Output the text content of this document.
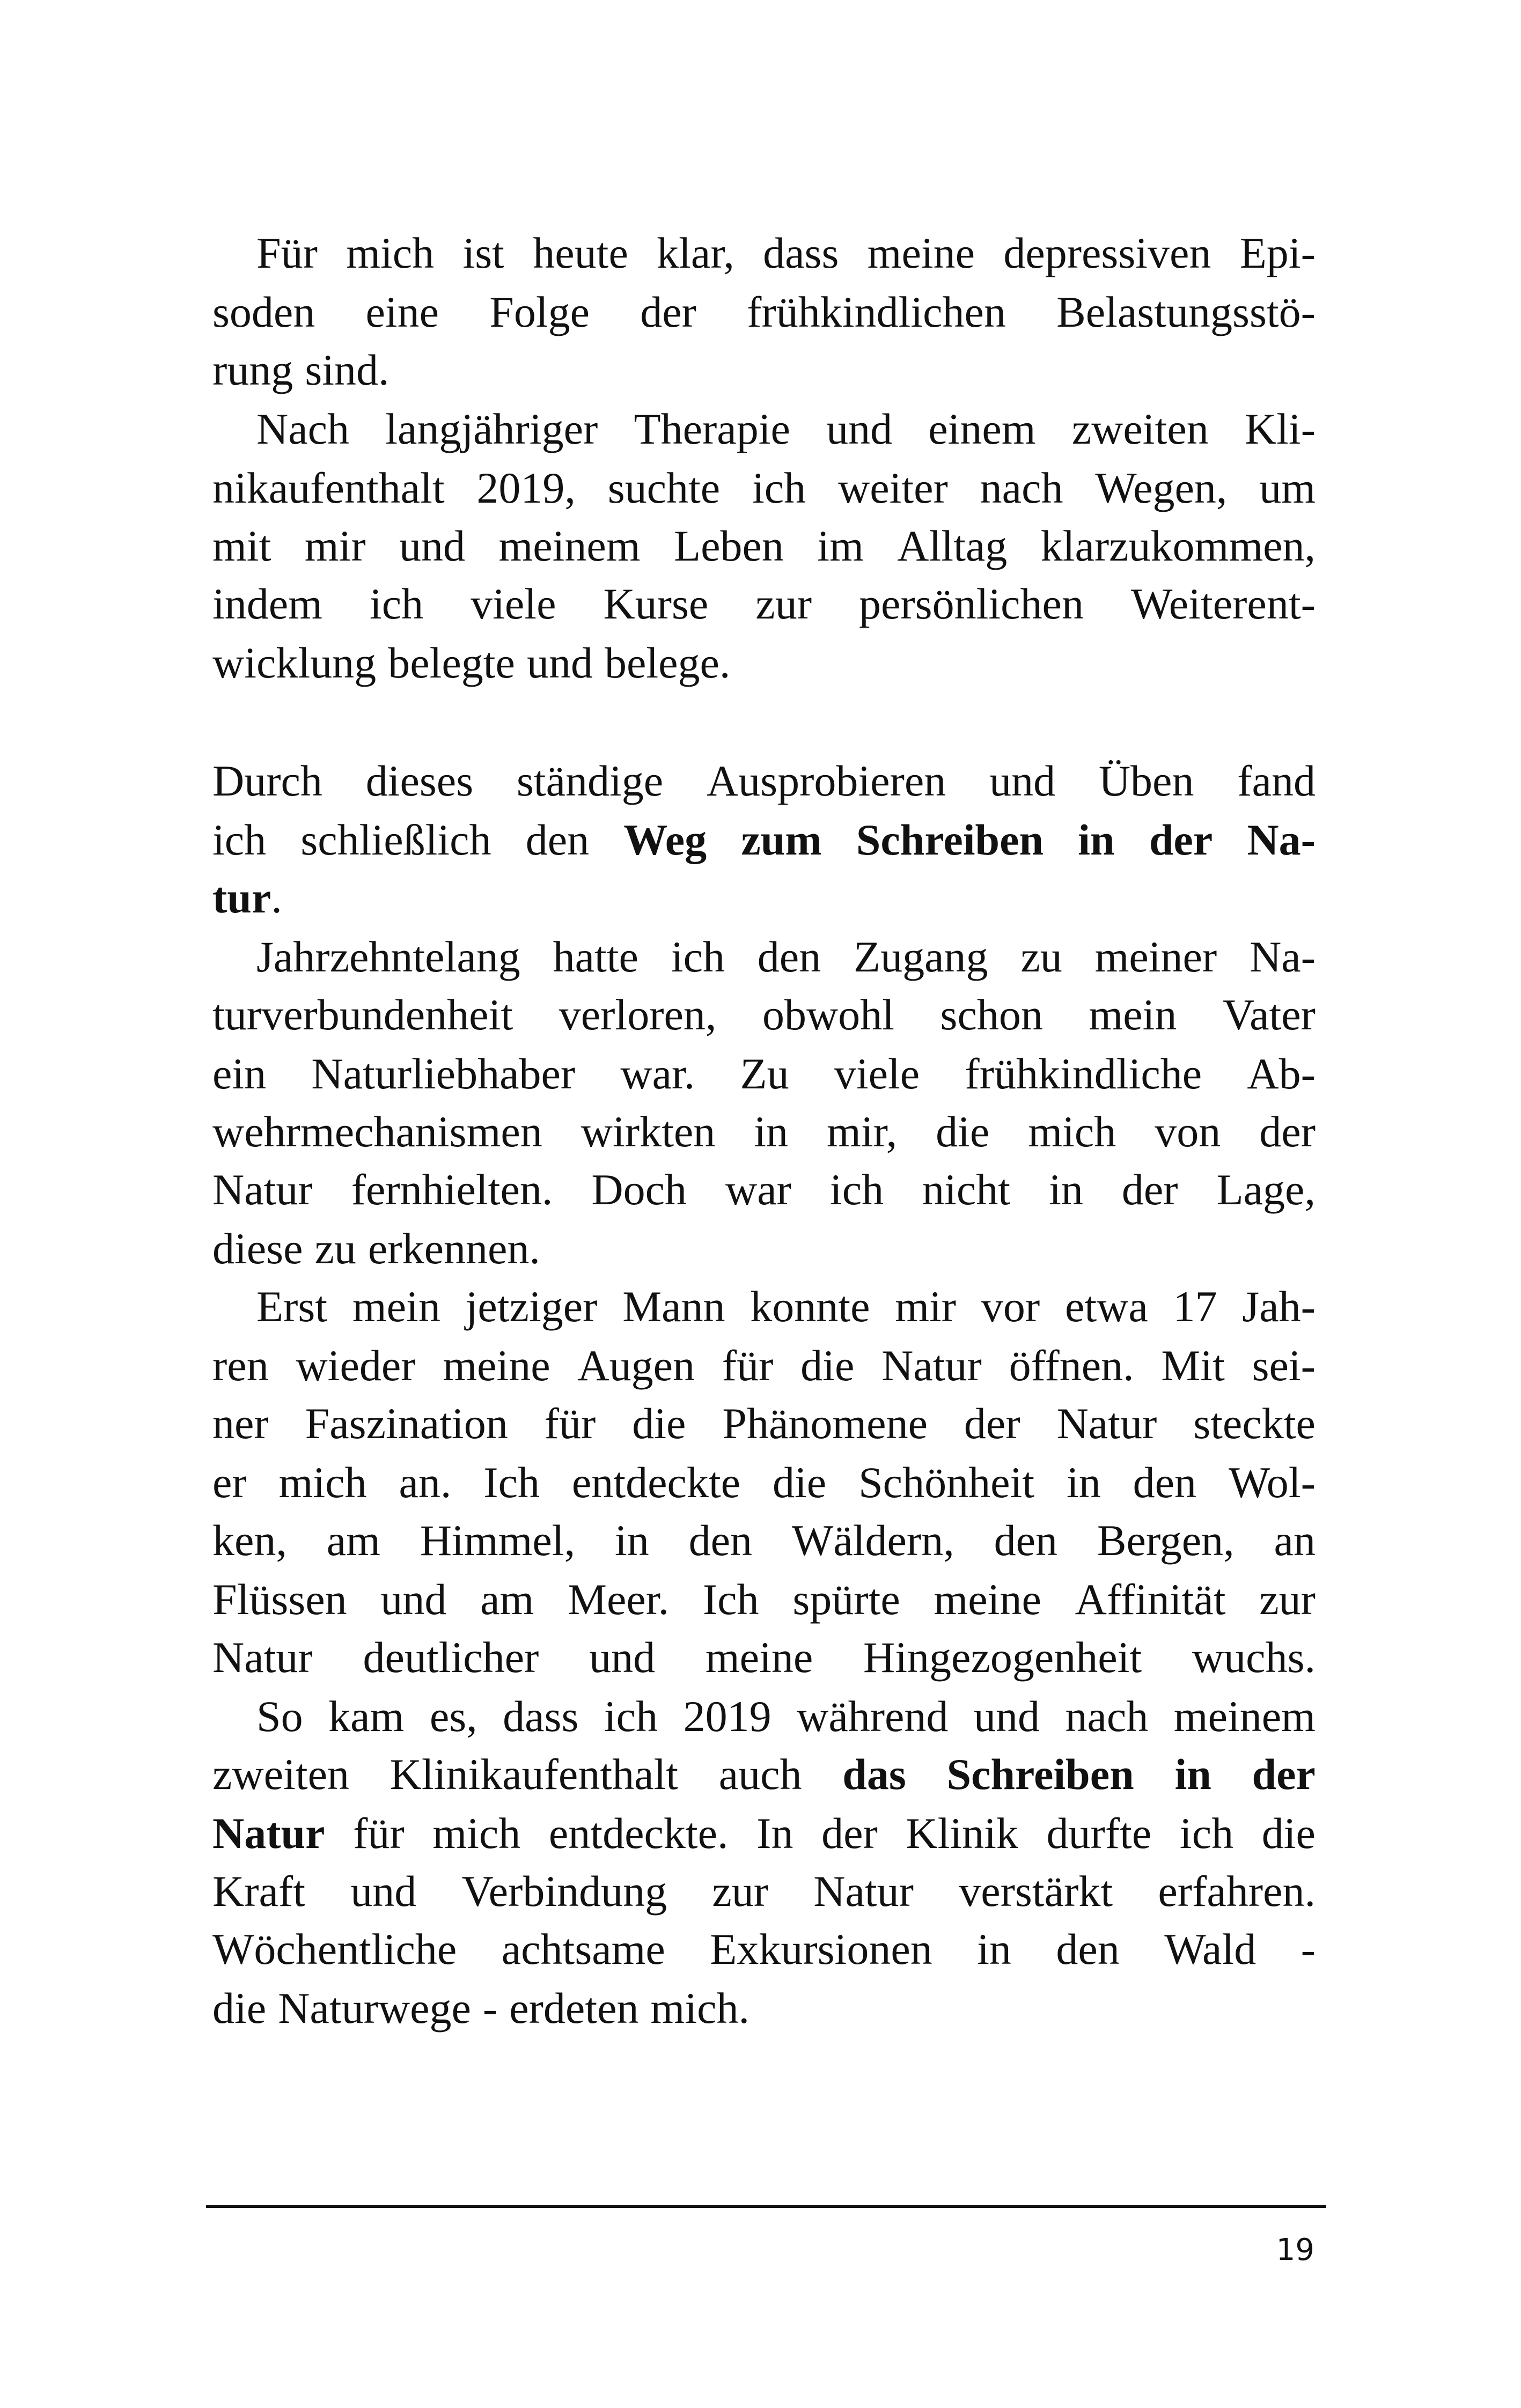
Für mich ist heute klar, dass meine depressiven Epi-
soden eine Folge der frühkindlichen Belastungsstö-
rung sind.
Nach langjähriger Therapie und einem zweiten Kli-
nikaufenthalt 2019, suchte ich weiter nach Wegen, um
mit mir und meinem Leben im Alltag klarzukommen,
indem ich viele Kurse zur persönlichen Weiterent-
wicklung belegte und belege.
Durch dieses ständige Ausprobieren und Üben fand
ich schließlich den Weg zum Schreiben in der Na-
tur.
Jahrzehntelang hatte ich den Zugang zu meiner Na-
turverbundenheit verloren, obwohl schon mein Vater
ein Naturliebhaber war. Zu viele frühkindliche Ab-
wehrmechanismen wirkten in mir, die mich von der
Natur fernhielten. Doch war ich nicht in der Lage,
diese zu erkennen.
Erst mein jetziger Mann konnte mir vor etwa 17 Jah-
ren wieder meine Augen für die Natur öffnen. Mit sei-
ner Faszination für die Phänomene der Natur steckte
er mich an. Ich entdeckte die Schönheit in den Wol-
ken, am Himmel, in den Wäldern, den Bergen, an
Flüssen und am Meer. Ich spürte meine Affinität zur
Natur deutlicher und meine Hingezogenheit wuchs.
So kam es, dass ich 2019 während und nach meinem
zweiten Klinikaufenthalt auch das Schreiben in der
Natur für mich entdeckte. In der Klinik durfte ich die
Kraft und Verbindung zur Natur verstärkt erfahren.
Wöchentliche achtsame Exkursionen in den Wald -
die Naturwege - erdeten mich.
19
